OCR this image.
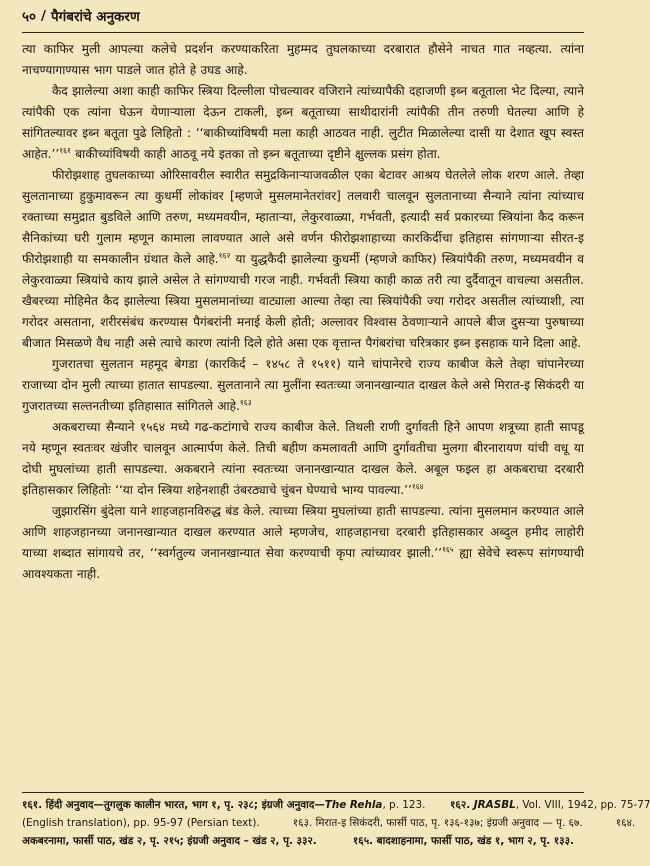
५० / पैगंबरांचे अनुकरण

त्या काफिर मुली आपल्या कलेचे प्रदर्शन करण्याकरिता मुहम्मद तुघलकाच्या दरबारात हौसेने नाचत गात नव्हत्या. त्यांना नाचण्यागाण्यास भाग पाडले जात होते हे उघड आहे.

कैद झालेल्या अशा काही काफिर स्त्रिया दिल्लीला पोचल्यावर वजिराने त्यांच्यापैकी दहाजणी इब्न बतूताला भेट दिल्या, त्याने त्यांपैकी एक त्यांना घेऊन येणाऱ्याला देऊन टाकली, इब्न बतूताच्या साथीदारांनी त्यांपैकी तीन तरुणी घेतल्या आणि हे सांगितल्यावर इब्न बतूता पुढे लिहितो : ‘‘बाकीच्यांविषयी मला काही आठवत नाही. लुटीत मिळालेल्या दासी या देशात खूप स्वस्त आहेत.’’$^{१६१}$ बाकीच्यांविषयी काही आठवू नये इतका तो इब्न बतूताच्या दृष्टीने क्षुल्लक प्रसंग होता.

फीरोझशाह तुघलकाच्या ओरिसावरील स्वारीत समुद्रकिनाऱ्याजवळील एका बेटावर आश्रय घेतलेले लोक शरण आले. तेव्हा सुलतानाच्या हुकुमावरून त्या कुधर्मी लोकांवर [म्हणजे मुसलमानेतरांवर] तलवारी चालवून सुलतानाच्या सैन्याने त्यांना त्यांच्याच रक्ताच्या समुद्रात बुडविले आणि तरुण, मध्यमवयीन, म्हाताऱ्या, लेकुरवाळ्या, गर्भवती, इत्यादी सर्व प्रकारच्या स्त्रियांना कैद करून सैनिकांच्या घरी गुलाम म्हणून कामाला लावण्यात आले असे वर्णन फीरोझशाहाच्या कारकिर्दीचा इतिहास सांगणाऱ्या सीरत-इ फीरोझशाही या समकालीन ग्रंथात केले आहे.$^{१६२}$ या युद्धकैदी झालेल्या कुधर्मी (म्हणजे काफिर) स्त्रियांपैकी तरुण, मध्यमवयीन व लेकुरवाळ्या स्त्रियांचे काय झाले असेल ते सांगण्याची गरज नाही. गर्भवती स्त्रिया काही काळ तरी त्या दुर्दैवातून वाचल्या असतील. खैबरच्या मोहिमेत कैद झालेल्या स्त्रिया मुसलमानांच्या वाट्याला आल्या तेव्हा त्या स्त्रियांपैकी ज्या गरोदर असतील त्यांच्याशी, त्या गरोदर असताना, शरीरसंबंध करण्यास पैगंबरांनी मनाई केली होती; अल्लावर विश्वास ठेवणाऱ्याने आपले बीज दुसऱ्या पुरुषाच्या बीजात मिसळणे वैध नाही असे त्याचे कारण त्यांनी दिले होते असा एक वृत्तान्त पैगंबरांचा चरित्रकार इब्न इसहाक याने दिला आहे.

गुजरातचा सुलतान महमूद बेगडा (कारकिर्द – १४५८ ते १५११) याने चांपानेरचे राज्य काबीज केले तेव्हा चांपानेरच्या राजाच्या दोन मुली त्याच्या हातात सापडल्या. सुलतानाने त्या मुलींना स्वतःच्या जनानखान्यात दाखल केले असे मिरात-इ सिकंदरी या गुजरातच्या सल्तनतीच्या इतिहासात सांगितले आहे.$^{१६३}$

अकबराच्या सैन्याने १५६४ मध्ये गढ-कटांगाचे राज्य काबीज केले. तिथली राणी दुर्गावती हिने आपण शत्रूच्या हाती सापडू नये म्हणून स्वतःवर खंजीर चालवून आत्मार्पण केले. तिची बहीण कमलावती आणि दुर्गावतीचा मुलगा बीरनारायण यांची वधू या दोघी मुघलांच्या हाती सापडल्या. अकबराने त्यांना स्वतःच्या जनानखान्यात दाखल केले. अबूल फझ्ल हा अकबराचा दरबारी इतिहासकार लिहितोः ‘‘या दोन स्त्रिया शहेनशाही उंबरठ्याचे चुंबन घेण्याचे भाग्य पावल्या.’’$^{१६४}$

जुझारसिंग बुंदेला याने शाहजहानविरुद्ध बंड केले. त्याच्या स्त्रिया मुघलांच्या हाती सापडल्या. त्यांना मुसलमान करण्यात आले आणि शाहजहानच्या जनानखान्यात दाखल करण्यात आले म्हणजेच, शाहजहानचा दरबारी इतिहासकार अब्दुल हमीद लाहोरी याच्या शब्दात सांगायचे तर, ‘‘स्वर्गतुल्य जनानखान्यात सेवा करण्याची कृपा त्यांच्यावर झाली.’’$^{१६५}$ ह्या सेवेचे स्वरूप सांगण्याची आवश्यकता नाही.

१६१. हिंदी अनुवाद—तुगलुक कालीन भारत, भाग १, पृ. २३८; इंग्रजी अनुवाद—The Rehla, p. 123. १६२. JRASBL, Vol. VIII, 1942, pp. 75-77

(English translation), pp. 95-97 (Persian text).          १६३. मिरात-इ सिकंदरी, फार्सी पाठ, पृ. १३६-१३७; इंग्रजी अनुवाद — पृ. ६७.          १६४.

अकबरनामा, फार्सी पाठ, खंड २, पृ. २१५; इंग्रजी अनुवाद – खंड २, पृ. ३३२.          १६५. बादशाहनामा, फार्सी पाठ, खंड १, भाग २, पृ. १३३.
